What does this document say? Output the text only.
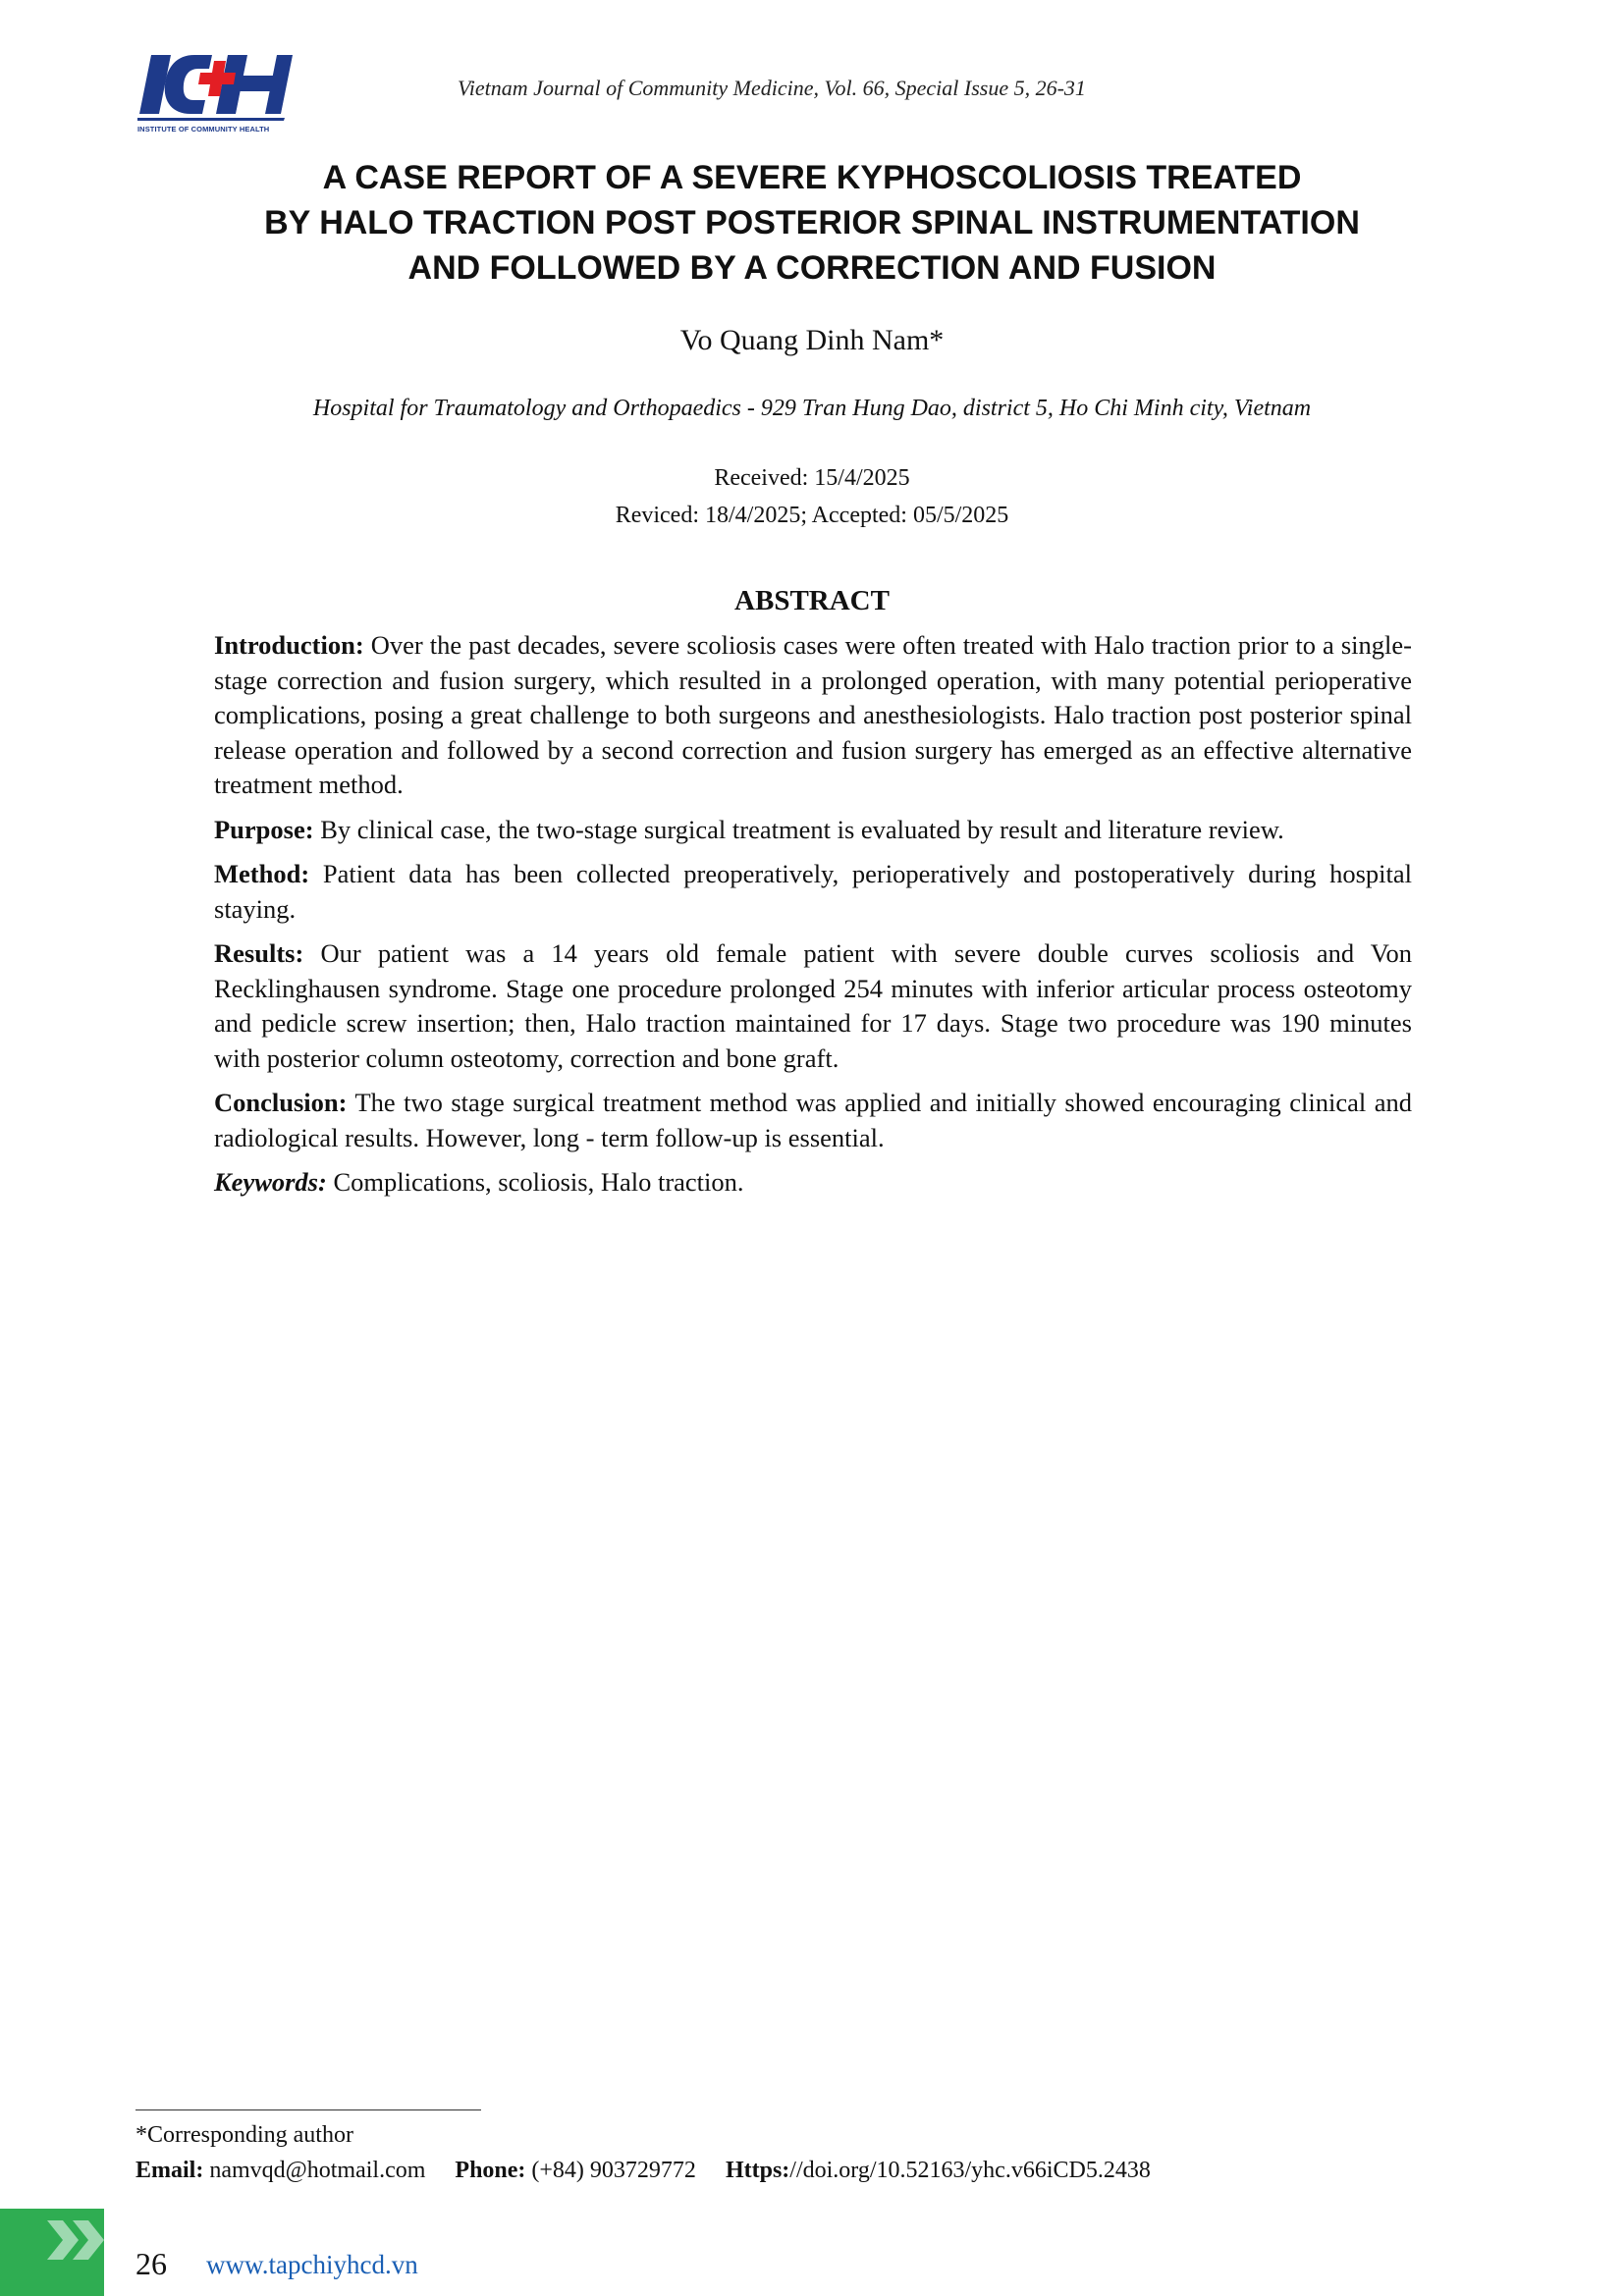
INSTITUTE OF COMMUNITY HEALTH
Vietnam Journal of Community Medicine, Vol. 66, Special Issue 5, 26-31
A CASE REPORT OF A SEVERE KYPHOSCOLIOSIS TREATED
BY HALO TRACTION POST POSTERIOR SPINAL INSTRUMENTATION
AND FOLLOWED BY A CORRECTION AND FUSION
Vo Quang Dinh Nam*
Hospital for Traumatology and Orthopaedics - 929 Tran Hung Dao, district 5, Ho Chi Minh city, Vietnam
Received: 15/4/2025
Reviced: 18/4/2025; Accepted: 05/5/2025
ABSTRACT

Introduction: Over the past decades, severe scoliosis cases were often treated with Halo traction prior to a single-stage correction and fusion surgery, which resulted in a prolonged operation, with many potential perioperative complications, posing a great challenge to both surgeons and anesthesiologists. Halo traction post posterior spinal release operation and followed by a second correction and fusion surgery has emerged as an effective alternative treatment method.

Purpose: By clinical case, the two-stage surgical treatment is evaluated by result and literature review.

Method: Patient data has been collected preoperatively, perioperatively and postoperatively during hospital staying.

Results: Our patient was a 14 years old female patient with severe double curves scoliosis and Von Recklinghausen syndrome. Stage one procedure prolonged 254 minutes with inferior articular process osteotomy and pedicle screw insertion; then, Halo traction maintained for 17 days. Stage two procedure was 190 minutes with posterior column osteotomy, correction and bone graft.

Conclusion: The two stage surgical treatment method was applied and initially showed encouraging clinical and radiological results. However, long - term follow-up is essential.

Keywords: Complications, scoliosis, Halo traction.

*Corresponding author
Email: namvqd@hotmail.com Phone: (+84) 903729772 Https://doi.org/10.52163/yhc.v66iCD5.2438
26 www.tapchiyhcd.vn
